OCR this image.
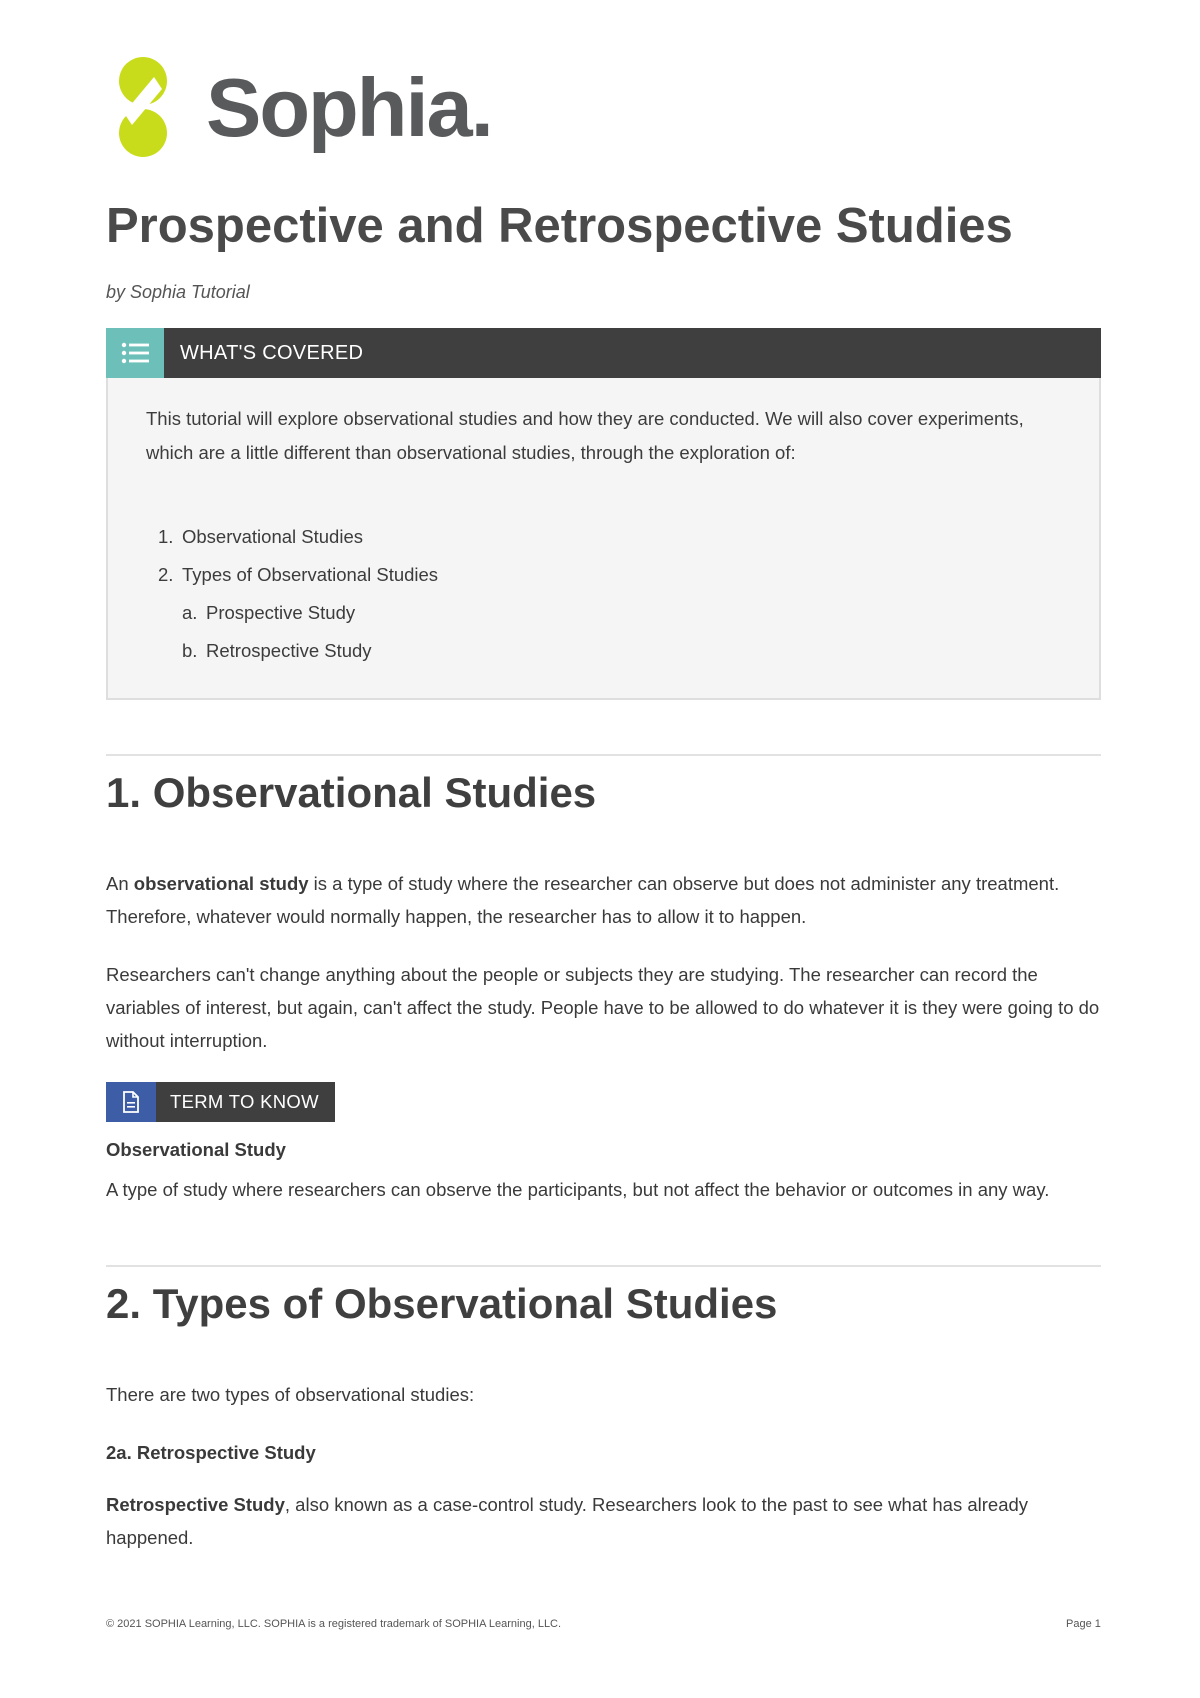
Sophia.
Prospective and Retrospective Studies
by Sophia Tutorial
WHAT'S COVERED

This tutorial will explore observational studies and how they are conducted. We will also cover experiments, which are a little different than observational studies, through the exploration of:

1. Observational Studies
2. Types of Observational Studies
a. Prospective Study
b. Retrospective Study
1. Observational Studies

An observational study is a type of study where the researcher can observe but does not administer any treatment. Therefore, whatever would normally happen, the researcher has to allow it to happen.

Researchers can't change anything about the people or subjects they are studying. The researcher can record the variables of interest, but again, can't affect the study. People have to be allowed to do whatever it is they were going to do without interruption.

TERM TO KNOW
Observational Study

A type of study where researchers can observe the participants, but not affect the behavior or outcomes in any way.

2. Types of Observational Studies

There are two types of observational studies:

2a. Retrospective Study

Retrospective Study, also known as a case-control study. Researchers look to the past to see what has already happened.

© 2021 SOPHIA Learning, LLC. SOPHIA is a registered trademark of SOPHIA Learning, LLC.	Page 1
